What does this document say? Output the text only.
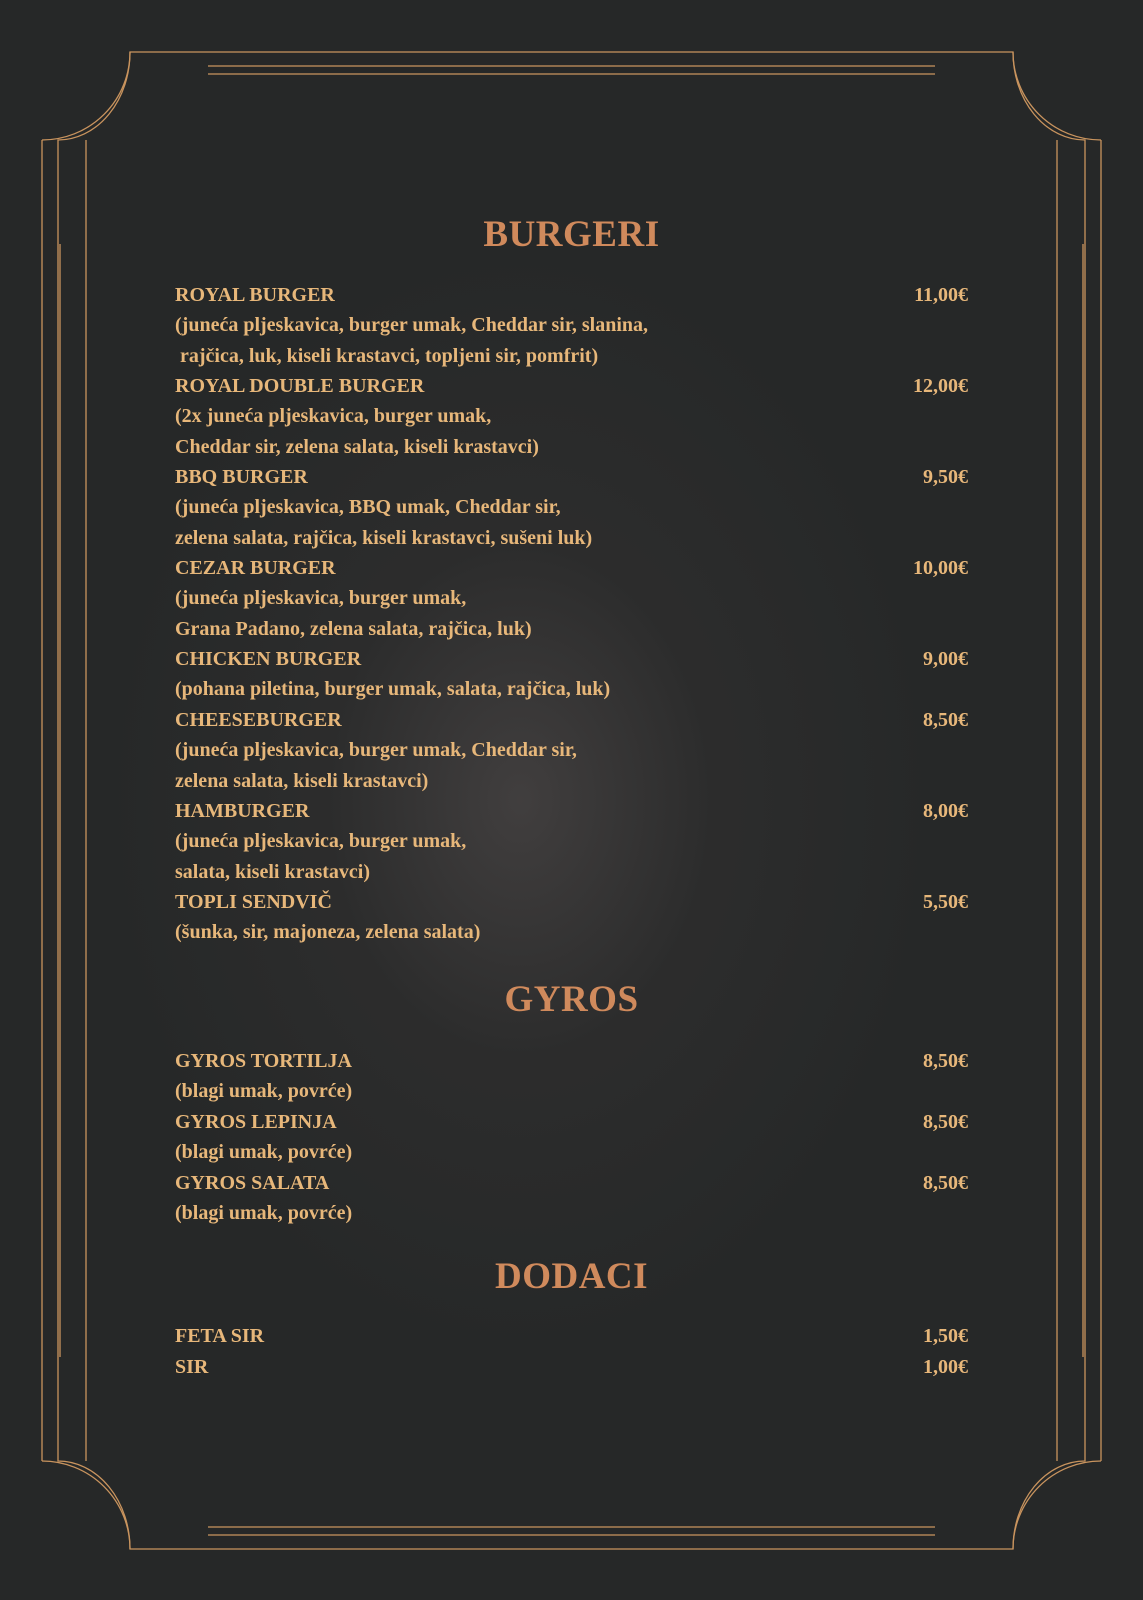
BURGERI
ROYAL BURGER	11,00€
(juneća pljeskavica, burger umak, Cheddar sir, slanina,
rajčica, luk, kiseli krastavci, topljeni sir, pomfrit)
ROYAL DOUBLE BURGER	12,00€
(2x juneća pljeskavica, burger umak,
Cheddar sir, zelena salata, kiseli krastavci)
BBQ BURGER	9,50€
(juneća pljeskavica, BBQ umak, Cheddar sir,
zelena salata, rajčica, kiseli krastavci, sušeni luk)
CEZAR BURGER	10,00€
(juneća pljeskavica, burger umak,
Grana Padano, zelena salata, rajčica, luk)
CHICKEN BURGER	9,00€
(pohana piletina, burger umak, salata, rajčica, luk)
CHEESEBURGER	8,50€
(juneća pljeskavica, burger umak, Cheddar sir,
zelena salata, kiseli krastavci)
HAMBURGER	8,00€
(juneća pljeskavica, burger umak,
salata, kiseli krastavci)
TOPLI SENDVIČ	5,50€
(šunka, sir, majoneza, zelena salata)
GYROS
GYROS TORTILJA	8,50€
(blagi umak, povrće)
GYROS LEPINJA	8,50€
(blagi umak, povrće)
GYROS SALATA	8,50€
(blagi umak, povrće)
DODACI
FETA SIR	1,50€
SIR	1,00€
